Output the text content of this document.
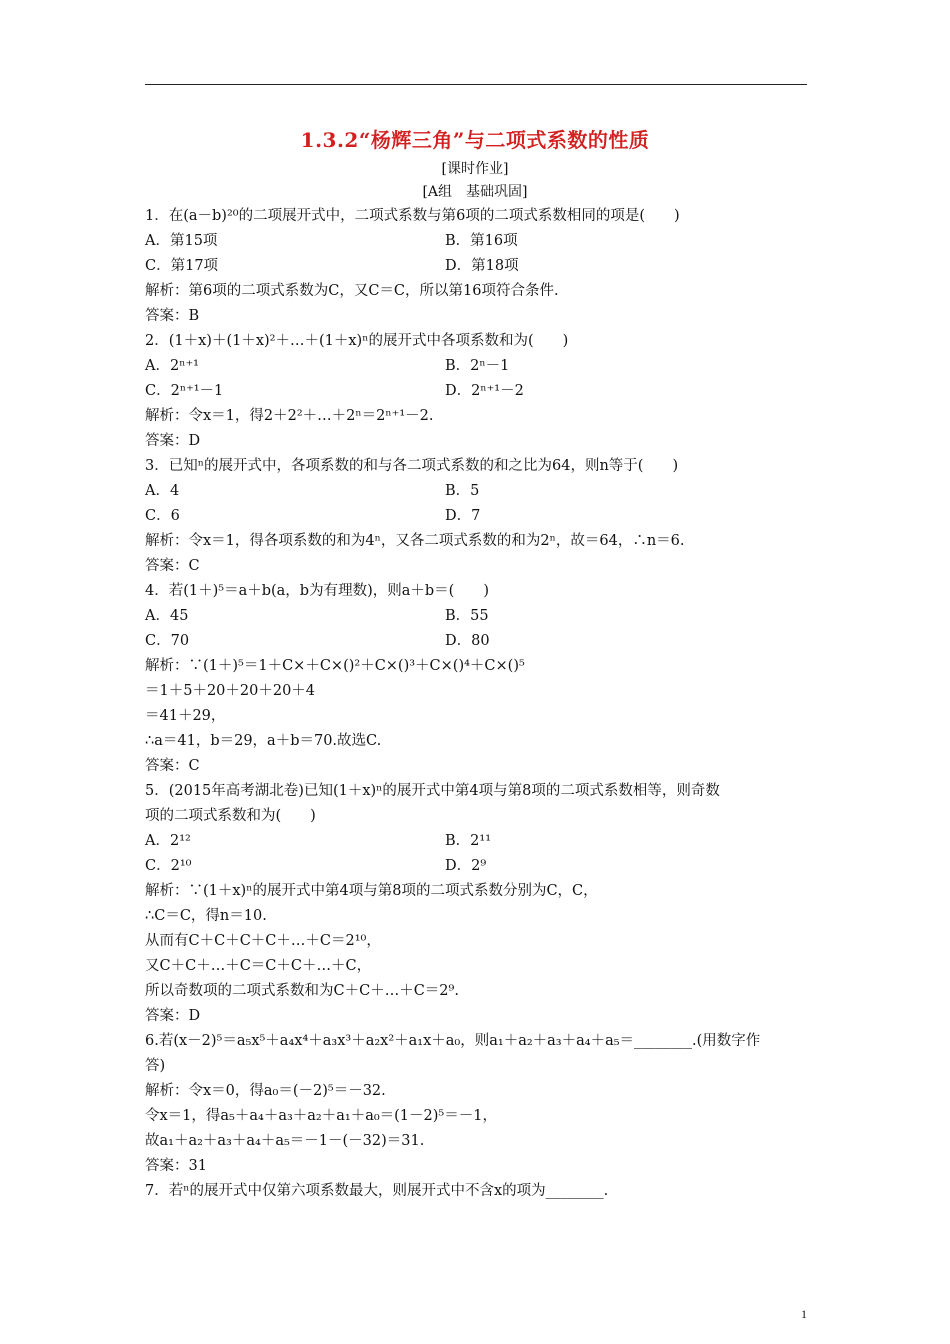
1.3.2“杨辉三角”与二项式系数的性质
[课时作业]
[A组　基础巩固]
1．在(a－b)²⁰的二项展开式中，二项式系数与第6项的二项式系数相同的项是(　　)
A．第15项	B．第16项
C．第17项	D．第18项
解析：第6项的二项式系数为C，又C＝C，所以第16项符合条件.
答案：B
2．(1＋x)＋(1＋x)²＋…＋(1＋x)ⁿ的展开式中各项系数和为(　　)
A．2ⁿ⁺¹	B．2ⁿ－1
C．2ⁿ⁺¹－1	D．2ⁿ⁺¹－2
解析：令x＝1，得2＋2²＋…＋2ⁿ＝2ⁿ⁺¹－2.
答案：D
3．已知ⁿ的展开式中，各项系数的和与各二项式系数的和之比为64，则n等于(　　)
A．4	B．5
C．6	D．7
解析：令x＝1，得各项系数的和为4ⁿ，又各二项式系数的和为2ⁿ，故＝64，∴n＝6.
答案：C
4．若(1＋)⁵＝a＋b(a，b为有理数)，则a＋b＝(　　)
A．45	B．55
C．70	D．80
解析：∵(1＋)⁵＝1＋C×＋C×()²＋C×()³＋C×()⁴＋C×()⁵
＝1＋5＋20＋20＋20＋4
＝41＋29，
∴a＝41，b＝29，a＋b＝70.故选C.
答案：C
5．(2015年高考湖北卷)已知(1＋x)ⁿ的展开式中第4项与第8项的二项式系数相等，则奇数
项的二项式系数和为(　　)
A．2¹²	B．2¹¹
C．2¹⁰	D．2⁹
解析：∵(1＋x)ⁿ的展开式中第4项与第8项的二项式系数分别为C，C，
∴C＝C，得n＝10.
从而有C＋C＋C＋C＋…＋C＝2¹⁰，
又C＋C＋…＋C＝C＋C＋…＋C，
所以奇数项的二项式系数和为C＋C＋…＋C＝2⁹.
答案：D
6.若(x－2)⁵＝a₅x⁵＋a₄x⁴＋a₃x³＋a₂x²＋a₁x＋a₀，则a₁＋a₂＋a₃＋a₄＋a₅＝________.(用数字作
答)
解析：令x＝0，得a₀＝(－2)⁵＝－32.
令x＝1，得a₅＋a₄＋a₃＋a₂＋a₁＋a₀＝(1－2)⁵＝－1，
故a₁＋a₂＋a₃＋a₄＋a₅＝－1－(－32)＝31.
答案：31
7．若ⁿ的展开式中仅第六项系数最大，则展开式中不含x的项为________.
1
